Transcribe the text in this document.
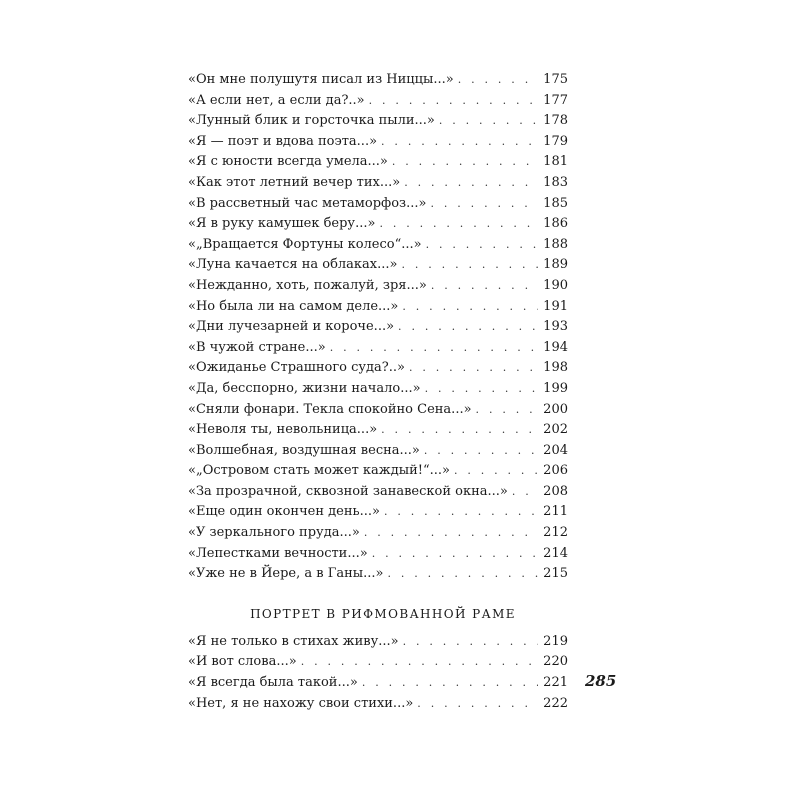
«Он мне полушутя писал из Ниццы...» . . .	175
«А если нет, а если да?..» . . .	177
«Лунный блик и горсточка пыли...» . . .	178
«Я — поэт и вдова поэта...» . . .	179
«Я с юности всегда умела...» . . .	181
«Как этот летний вечер тих...» . . .	183
«В рассветный час метаморфоз...» . . .	185
«Я в руку камушек беру...» . . .	186
«„Вращается Фортуны колесо“...» . . .	188
«Луна качается на облаках...» . . .	189
«Нежданно, хоть, пожалуй, зря...» . . .	190
«Но была ли на самом деле...» . . .	191
«Дни лучезарней и короче...» . . .	193
«В чужой стране...» . . .	194
«Ожиданье Страшного суда?..» . . .	198
«Да, бесспорно, жизни начало...» . . .	199
«Сняли фонари. Текла спокойно Сена...» . . .	200
«Неволя ты, невольница...» . . .	202
«Волшебная, воздушная весна...» . . .	204
«„Островом стать может каждый!“...» . . .	206
«За прозрачной, сквозной занавеской окна...» . . .	208
«Еще один окончен день...» . . .	211
«У зеркального пруда...» . . .	212
«Лепестками вечности...» . . .	214
«Уже не в Йере, а в Ганы...» . . .	215
ПОРТРЕТ В РИФМОВАННОЙ РАМЕ
«Я не только в стихах живу...» . . .	219
«И вот слова...» . . .	220
«Я всегда была такой...» . . .	221
«Нет, я не нахожу свои стихи...» . . .	222
285
